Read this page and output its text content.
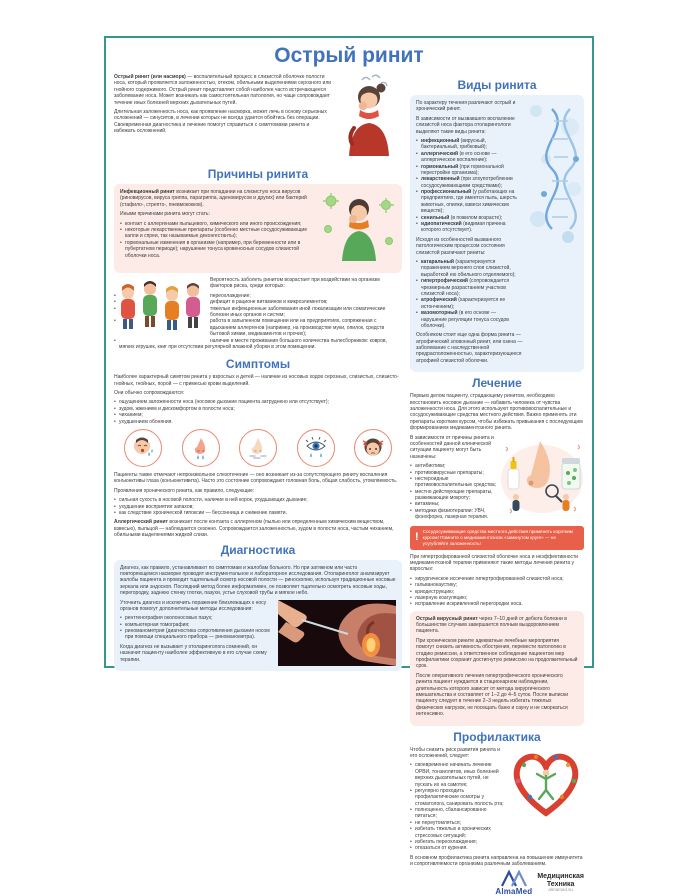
Острый ринит

Острый ринит (или насморк) — воспалительный процесс в слизистой оболочке полости носа, который проявляется заложенностью, отеком, обильными выделениями серозного или гнойного содержимого. Острый ринит представляет собой наиболее часто встречающееся заболевание носа. Может возникать как самостоятельная патология, но чаще сопровождает течение иных болезней верхних дыхательных путей.

Длительная заложенность носа, как проявление насморка, может лечь в основу серьезных осложнений — синуситов, в лечении которых не всегда удается обойтись без операции. Своевременная диагностика и лечение помогут справиться с симптомами ринита и избежать осложнений.

Причины ринита

Инфекционный ринит возникает при попадании на слизистую носа вирусов (риновирусов, вируса гриппа, парагриппа, аденовирусов и других) или бактерий (стафило-, стрепто-, пневмококков).

Иными причинами ринита могут стать:

• контакт с аллергенами пыльцевого, химического или иного происхождения;
• некоторые лекарственные препараты (особенно местные сосудосуживающие капли и спреи, так называемые деконгестанты);
• гормональные изменения в организме (например, при беременности или в пубертатном периоде); нарушение тонуса кровеносных сосудов слизистой оболочки носа.

Вероятность заболеть ринитом возрастает при воздействии на организм факторов риска, среди которых:

• переохлаждение;
• дефицит в рационе витаминов и микроэлементов;
• тяжелые инфекционные заболевания иной локализации или соматические болезни иных органов и систем;
• работа в запыленном помещении или на предприятиях, сопряженная с вдыханием аллергенов (например, на производстве муки, опилок, средств бытовой химии, медикаментов и прочих);
• наличие в месте проживания большого количества пылесборников: ковров, мягких игрушек, книг при отсутствии регулярной влажной уборки в этом помещении.
Симптомы

Наиболее характерный симптом ринита у взрослых и детей — наличие из носовых ходов серозных, слизистых, слизисто-гнойных, гнойных, порой — с примесью крови выделений.

Они обычно сопровождаются:

• ощущением заложенности носа (носовое дыхание пациента затруднено или отсутствует);
• зудом, жжением и дискомфортом в полости носа;
• чиханием;
• ухудшением обоняния.

Пациенты также отмечают непроизвольное слезотечение — оно возникает из-за сопутствующего риниту воспаления конъюнктивы глаза (конъюнктивита). Часто это состояние сопровождают головная боль, общая слабость, утомляемость.

Проявления хронического ринита, как правило, следующие:

• сильная сухость в носовой полости, наличие в ней корок, ухудшающих дыхание;
• ухудшение восприятия запахов;
• как следствие хронической гипоксии — бессонница и снижение памяти.

Аллергический ринит возникает после контакта с аллергеном (пылью или определенным химическим веществом, взвесью), пыльцой — наблюдается сезонно. Сопровождается заложенностью, зудом в полости носа, частым чиханием, обильными выделениями жидкой слизи.

Диагностика

Диагноз, как правило, устанавливают по симптомам и жалобам больного. Но при затяжном или часто повторяющемся насморке проводят инструментальное и лабораторное исследования. Отоларинголог анализирует жалобы пациента и проводит тщательный осмотр носовой полости — риноскопию, используя традиционные носовые зеркала или эндоскоп. Последний метод более информативен, он позволяет тщательно осмотреть носовые ходы, перегородку, заднюю стенку глотки, пазухи, устье слуховой трубы и мягкое небо.

Уточнить диагноз и исключить поражение близлежащих к носу органов помогут дополнительные методы исследования:

• рентгенография околоносовых пазух;
• компьютерная томография;
• риноманометрия (диагностика сопротивления дыхания носом при помощи специального прибора — риноманометра).

Когда диагноз не вызывает у отоларинголога сомнений, он назначит пациенту наиболее эффективную в его случае схему терапии.

Виды ринита

По характеру течения различают острый и хронический ринит.

В зависимости от вызвавшего воспаление слизистой носа фактора отоларингологи выделяют такие виды ринита:

• инфекционный (вирусный, бактериальный, грибковый);
• аллергический (в его основе — аллергическое воспаление);
• гормональный (при гормональной перестройке организма);
• лекарственный (при злоупотреблении сосудосуживающими средствами);
• профессиональный (у работающих на предприятиях, где имеется пыль, шерсть животных, опилки, взвеси химических веществ);
• сенильный (в пожилом возрасте);
• идиопатический (видимая причина которого отсутствует).

Исходя из особенностей вызванного патологическим процессом состояния слизистой различают риниты:

• катаральный (характеризуется поражением верхнего слоя слизистой, выработкой ею обильного отделяемого);
• гипертрофический (сопровождается чрезмерным разрастанием участков слизистой носа);
• атрофический (характеризуется ее истончением);
• вазомоторный (в его основе — нарушение регуляции тонуса сосудов оболочки).

Особняком стоит еще одна форма ринита — атрофический зловонный ринит, или озена — заболевание с наследственной предрасположенностью, характеризующееся атрофией слизистой оболочки.

Лечение

Первым делом пациенту, страдающему ринитом, необходимо восстановить носовое дыхание — избавить человека от чувства заложенности носа. Для этого используют противовоспалительные и сосудосуживающие средства местного действия. Важно применять эти препараты коротким курсом, чтобы избежать привыкания с последующим формированием медикаментозного ринита.

В зависимости от причины ринита и особенностей данной клинической ситуации пациенту могут быть назначены:

• антибиотики;
• противовирусные препараты;
• нестероидные противовоспалительные средства;
• местно действующие препараты, разжижающие мокроту;
• витамины;
• методики физиотерапии: УВЧ, фонофорез, лазерная терапия.
! Сосудосуживающие средства местного действия применять коротким курсом! Помните о медикаментозном «замкнутом круге» — не усугубляйте заложенность!

При гипертрофированной слизистой оболочке носа и неэффективности медикаментозной терапии применяют такие методы лечения ринита у взрослых:

• хирургическое иссечение гипертрофированной слизистой носа;
• гальванокаустику;
• криодеструкцию;
• лазерную коагуляцию;
• исправление искривленной перегородки носа.

Острый вирусный ринит через 7–10 дней от дебюта болезни в большинстве случаев завершается полным выздоровлением пациента.

При хроническом рините адекватные лечебные мероприятия помогут снизить активность обострения, перевести патологию в стадию ремиссии, а ответственное соблюдение пациентом мер профилактики сохранит достигнутую ремиссию на продолжительный срок.

После оперативного лечения гипертрофического хронического ринита пациент нуждается в стационарном наблюдении, длительность которого зависит от метода хирургического вмешательства и составляет от 1–2 до 4–5 суток. После выписки пациенту следует в течение 2–3 недель избегать тяжелых физических нагрузок, не посещать баню и сауну и не сморкаться интенсивно.

Профилактика

Чтобы снизить риск развития ринита и его осложнений, следует:

• своевременно начинать лечение ОРВИ, тонзиллитов, иных болезней верхних дыхательных путей, не пускать их на самотек;
• регулярно проходить профилактические осмотры у стоматолога, санировать полость рта;
• полноценно, сбалансированно питаться;
• не переутомляться;
• избегать тяжелых и хронических стрессовых ситуаций;
• избегать переохлаждения;
• отказаться от курения.

В основном профилактика ринита направлена на повышение иммунитета и сопротивляемости организма различным заболеваниям.

AlmaMed
Медицинская
Техника
almamed.su
